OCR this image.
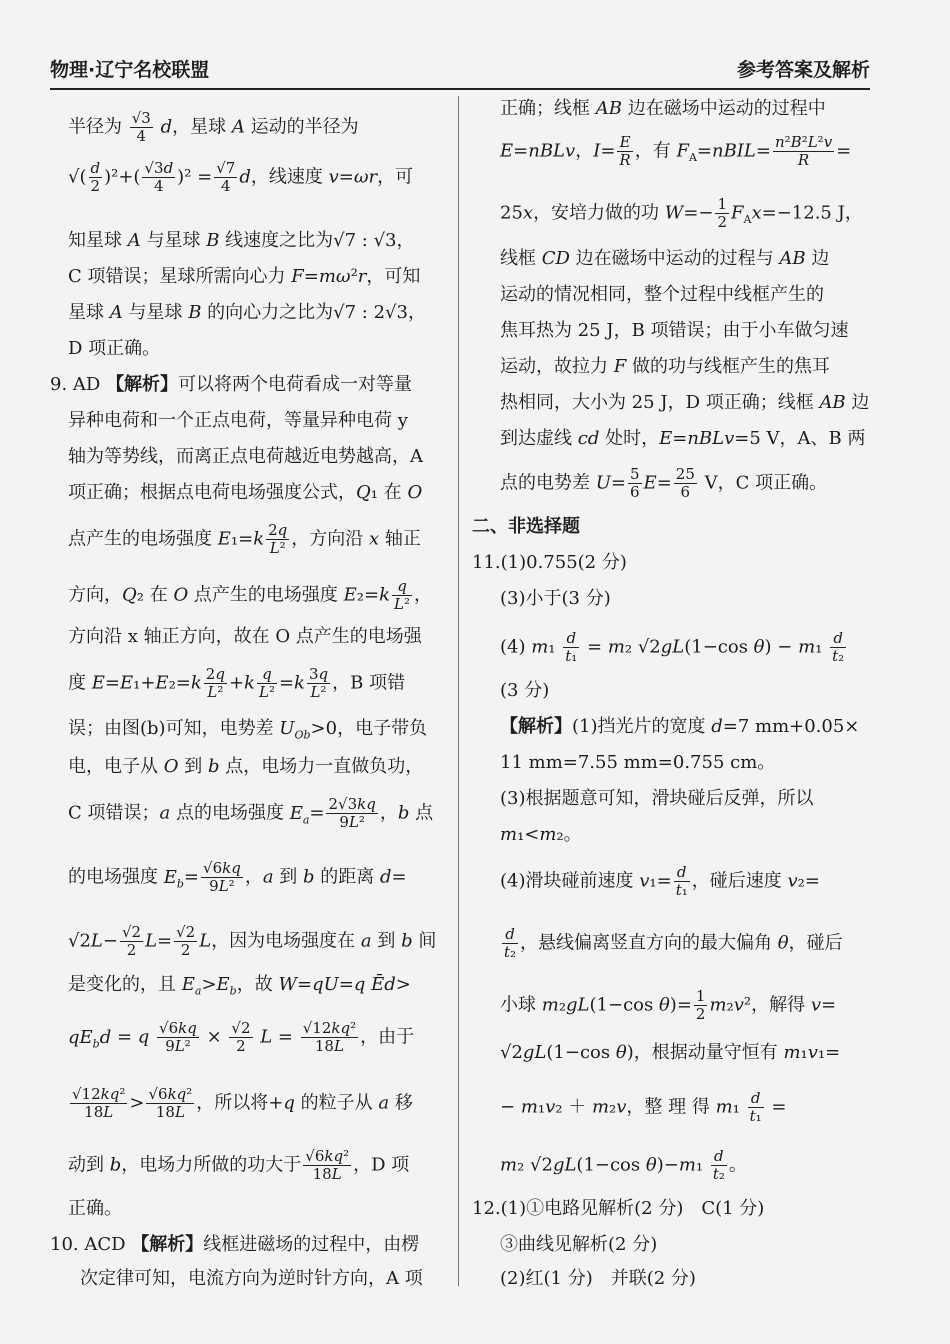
物理·辽宁名校联盟	参考答案及解析
半径为 $\frac{√3}{4}$ d，星球 A 运动的半径为
√( $\frac{d}{2} )^2+( \frac{√3d}{4} )^2 = \frac{√7}{4}$ d，线速度 v=ωr，可
知星球 A 与星球 B 线速度之比为√7 : √3，
C 项错误；星球所需向心力 F=mω²r，可知
星球 A 与星球 B 的向心力之比为√7 : 2√3，
D 项正确。
9. AD 【解析】可以将两个电荷看成一对等量
异种电荷和一个正点电荷，等量异种电荷 y
轴为等势线，而离正点电荷越近电势越高，A
项正确；根据点电荷电场强度公式，Q₁ 在 O
点产生的电场强度 $E_1=k \frac{2q}{\text{L²}}$ ，方向沿 x 轴正
方向，Q₂ 在 O 点产生的电场强度 $E_2=k \frac{q}{\text{L²}}$ ，
方向沿 x 轴正方向，故在 O 点产生的电场强
度 $E=E_1+E_2=k \frac{2q}{\text{L²}} +k \frac{q}{\text{L²}} =k \frac{3q}{\text{L²}}$ ，B 项错
误；由图(b)可知，电势差 $U_{Ob}>0$，电子带负
电，电子从 O 到 b 点，电场力一直做负功，
C 项错误；a 点的电场强度 $E_a= \frac{2√3kq}{\text{9L²}}$ ，b 点
的电场强度 $E_b= \frac{√6kq}{\text{9L²}}$ ，a 到 b 的距离 d=
$√2L- \frac{√2}{2} L= \frac{√2}{2}$ L，因为电场强度在 a 到 b 间
是变化的，且 $E_a>E_b$，故 W=qU=q Ēd>
$qE_bd = q \frac{√6kq}{\text{9L²}} \times \frac{√2}{2}$ $L = \frac{\text{√12kq²}}{18L}$ ，由于
$\frac{\text{√12kq²}}{18L} > \frac{\text{√6kq²}}{18L}$ ，所以将+q 的粒子从 a 移
动到 b，电场力所做的功大于 $\frac{\text{√6kq²}}{18L}$ ，D 项
正确。
10. ACD 【解析】线框进磁场的过程中，由楞
次定律可知，电流方向为逆时针方向，A 项
正确；线框 AB 边在磁场中运动的过程中
E=nBLv，$I= \frac{E}{R}$ ，有 $F_A=nBIL= \frac{\text{n²B²L²v}}{R}$ =
25x，安培力做的功 $W=- \frac{1}{2} F_Ax=-12.5$ J，
线框 CD 边在磁场中运动的过程与 AB 边
运动的情况相同，整个过程中线框产生的
焦耳热为 25 J，B 项错误；由于小车做匀速
运动，故拉力 F 做的功与线框产生的焦耳
热相同，大小为 25 J，D 项正确；线框 AB 边
到达虚线 cd 处时，E=nBLv=5 V，A、B 两
点的电势差 $U= \frac{5}{6} E= \frac{25}{6}$ V，C 项正确。
二、非选择题
11.(1)0.755(2 分)
(3)小于(3 分)
(4) $m_1 \frac{d}{\text{t₁}} = m_2$ √2gL(1−cos $\theta) - m_1 \frac{d}{\text{t₂}}$
(3 分)
【解析】(1)挡光片的宽度 d=7 mm+0.05×
11 mm=7.55 mm=0.755 cm。
(3)根据题意可知，滑块碰后反弹，所以
m₁<m₂。
(4)滑块碰前速度 $v_1= \frac{d}{\text{t₁}}$ ，碰后速度 v₂=
$\frac{d}{\text{t₂}}$ ，悬线偏离竖直方向的最大偏角 θ，碰后
小球 m₂gL(1−cos $\theta)= \frac{1}{2} m_2v^2$，解得 v=
√2gL(1−cos θ)，根据动量守恒有 m₁v₁=
− m₁v₂ ＋ m₂v，整 理 得 $m_1 \frac{d}{\text{t₁}}$ =
m₂ √2gL(1−cos $\theta)-m_1 \frac{d}{\text{t₂}}$ 。
12.(1)①电路见解析(2 分)　C(1 分)
③曲线见解析(2 分)
(2)红(1 分)　并联(2 分)
